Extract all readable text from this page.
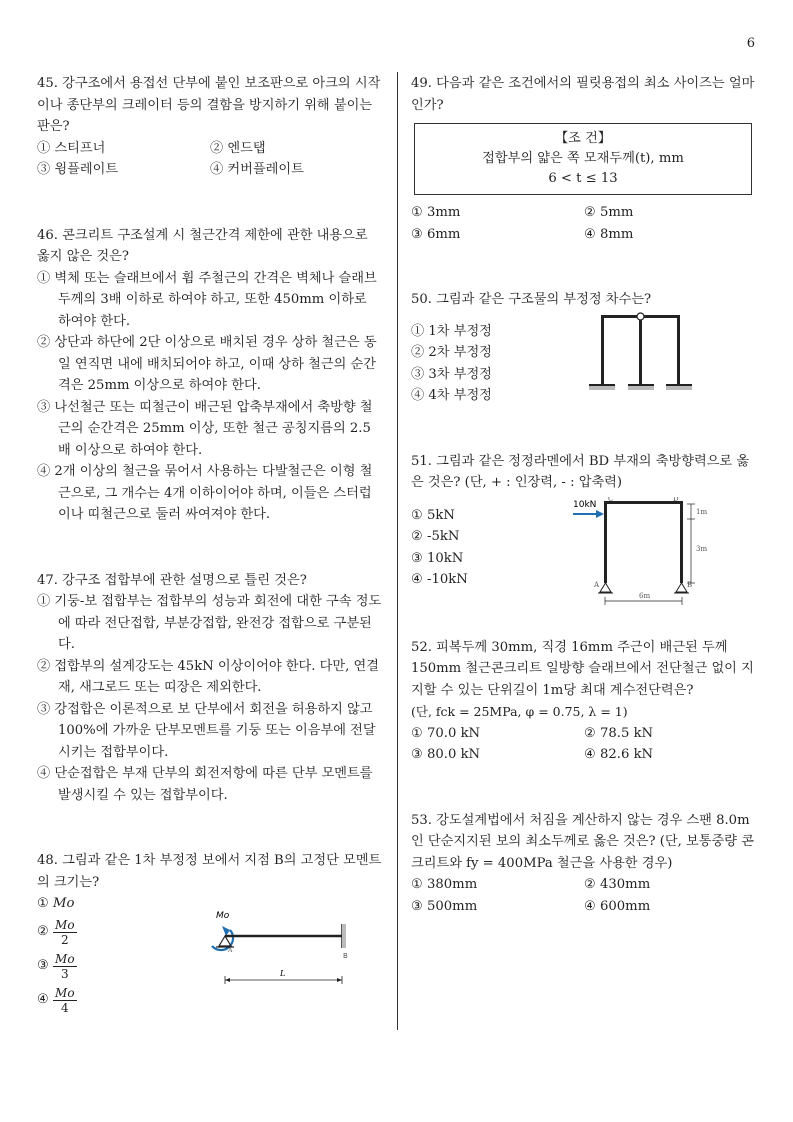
6

45. 강구조에서 용접선 단부에 붙인 보조판으로 아크의 시작이나 종단부의 크레이터 등의 결함을 방지하기 위해 붙이는 판은?

① 스티프너	② 엔드탭

③ 윙플레이트	④ 커버플레이트

46. 콘크리트 구조설계 시 철근간격 제한에 관한 내용으로 옳지 않은 것은?

① 벽체 또는 슬래브에서 휨 주철근의 간격은 벽체나 슬래브 두께의 3배 이하로 하여야 하고, 또한 450mm 이하로 하여야 한다.

② 상단과 하단에 2단 이상으로 배치된 경우 상하 철근은 동일 연직면 내에 배치되어야 하고, 이때 상하 철근의 순간격은 25mm 이상으로 하여야 한다.

③ 나선철근 또는 띠철근이 배근된 압축부재에서 축방향 철근의 순간격은 25mm 이상, 또한 철근 공칭지름의 2.5배 이상으로 하여야 한다.

④ 2개 이상의 철근을 묶어서 사용하는 다발철근은 이형 철근으로, 그 개수는 4개 이하이어야 하며, 이들은 스터럽이나 띠철근으로 둘러 싸여져야 한다.

47. 강구조 접합부에 관한 설명으로 틀린 것은?

① 기둥-보 접합부는 접합부의 성능과 회전에 대한 구속 정도에 따라 전단접합, 부분강접합, 완전강 접합으로 구분된다.

② 접합부의 설계강도는 45kN 이상이어야 한다. 다만, 연결재, 새그로드 또는 띠장은 제외한다.

③ 강접합은 이론적으로 보 단부에서 회전을 허용하지 않고 100%에 가까운 단부모멘트를 기둥 또는 이음부에 전달시키는 접합부이다.

④ 단순접합은 부재 단부의 회전저항에 따른 단부 모멘트를 발생시킬 수 있는 접합부이다.

48. 그림과 같은 1차 부정정 보에서 지점 B의 고정단 모멘트의 크기는?

①
Mo
②
$\frac{Mo}{2}$
③
$\frac{Mo}{3}$
④
$\frac{Mo}{4}$
Mo
A
B
L

49. 다음과 같은 조건에서의 필릿용접의 최소 사이즈는 얼마인가?

【조 건】
접합부의 얇은 쪽 모재두께(t), mm
6 < t ≤ 13

① 3mm	② 5mm

③ 6mm	④ 8mm

50. 그림과 같은 구조물의 부정정 차수는?

① 1차 부정정

② 2차 부정정

③ 3차 부정정

④ 4차 부정정

51. 그림과 같은 정정라멘에서 BD 부재의 축방향력으로 옳은 것은? (단, + : 인장력, - : 압축력)

① 5kN

② -5kN

③ 10kN

④ -10kN

10kN
C	D
A	B
1m
3m
6m

52. 피복두께 30mm, 직경 16mm 주근이 배근된 두께 150mm 철근콘크리트 일방향 슬래브에서 전단철근 없이 지지할 수 있는 단위길이 1m당 최대 계수전단력은?

(단, fck = 25MPa, φ = 0.75, λ = 1)

① 70.0 kN	② 78.5 kN

③ 80.0 kN	④ 82.6 kN

53. 강도설계법에서 처짐을 계산하지 않는 경우 스팬 8.0m 인 단순지지된 보의 최소두께로 옳은 것은? (단, 보통중량 콘크리트와 fy = 400MPa 철근을 사용한 경우)

① 380mm	② 430mm

③ 500mm	④ 600mm
